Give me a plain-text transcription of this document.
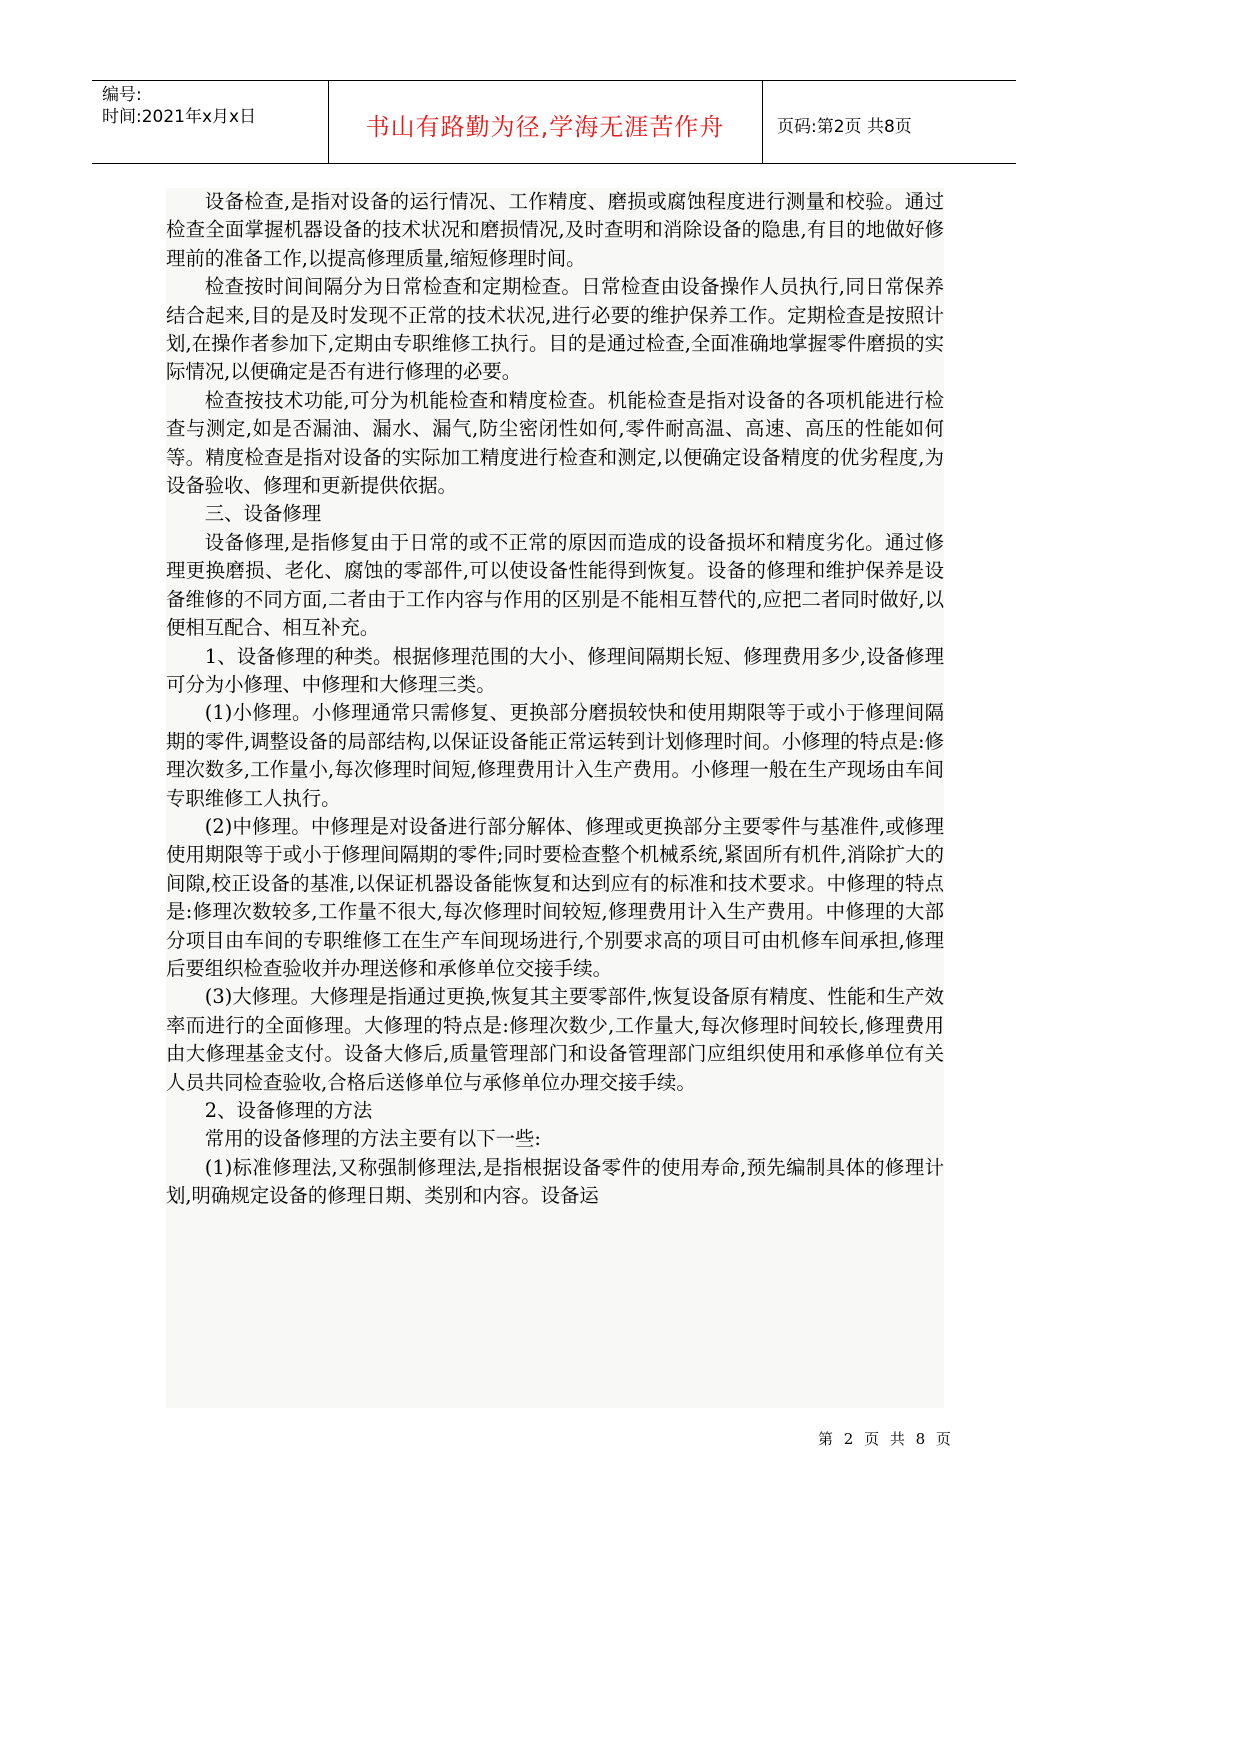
编号:
时间:2021年x月x日	书山有路勤为径,学海无涯苦作舟	页码:第2页 共8页

设备检查,是指对设备的运行情况、工作精度、磨损或腐蚀程度进行测量和校验。通过检查全面掌握机器设备的技术状况和磨损情况,及时查明和消除设备的隐患,有目的地做好修理前的准备工作,以提高修理质量,缩短修理时间。

检查按时间间隔分为日常检查和定期检查。日常检查由设备操作人员执行,同日常保养结合起来,目的是及时发现不正常的技术状况,进行必要的维护保养工作。定期检查是按照计划,在操作者参加下,定期由专职维修工执行。目的是通过检查,全面准确地掌握零件磨损的实际情况,以便确定是否有进行修理的必要。

检查按技术功能,可分为机能检查和精度检查。机能检查是指对设备的各项机能进行检查与测定,如是否漏油、漏水、漏气,防尘密闭性如何,零件耐高温、高速、高压的性能如何等。精度检查是指对设备的实际加工精度进行检查和测定,以便确定设备精度的优劣程度,为设备验收、修理和更新提供依据。

三、设备修理

设备修理,是指修复由于日常的或不正常的原因而造成的设备损坏和精度劣化。通过修理更换磨损、老化、腐蚀的零部件,可以使设备性能得到恢复。设备的修理和维护保养是设备维修的不同方面,二者由于工作内容与作用的区别是不能相互替代的,应把二者同时做好,以便相互配合、相互补充。

1、设备修理的种类。根据修理范围的大小、修理间隔期长短、修理费用多少,设备修理可分为小修理、中修理和大修理三类。

(1)小修理。小修理通常只需修复、更换部分磨损较快和使用期限等于或小于修理间隔期的零件,调整设备的局部结构,以保证设备能正常运转到计划修理时间。小修理的特点是:修理次数多,工作量小,每次修理时间短,修理费用计入生产费用。小修理一般在生产现场由车间专职维修工人执行。

(2)中修理。中修理是对设备进行部分解体、修理或更换部分主要零件与基准件,或修理使用期限等于或小于修理间隔期的零件;同时要检查整个机械系统,紧固所有机件,消除扩大的间隙,校正设备的基准,以保证机器设备能恢复和达到应有的标准和技术要求。中修理的特点是:修理次数较多,工作量不很大,每次修理时间较短,修理费用计入生产费用。中修理的大部分项目由车间的专职维修工在生产车间现场进行,个别要求高的项目可由机修车间承担,修理后要组织检查验收并办理送修和承修单位交接手续。

(3)大修理。大修理是指通过更换,恢复其主要零部件,恢复设备原有精度、性能和生产效率而进行的全面修理。大修理的特点是:修理次数少,工作量大,每次修理时间较长,修理费用由大修理基金支付。设备大修后,质量管理部门和设备管理部门应组织使用和承修单位有关人员共同检查验收,合格后送修单位与承修单位办理交接手续。

2、设备修理的方法

常用的设备修理的方法主要有以下一些:

(1)标准修理法,又称强制修理法,是指根据设备零件的使用寿命,预先编制具体的修理计划,明确规定设备的修理日期、类别和内容。设备运

第 2 页 共 8 页
